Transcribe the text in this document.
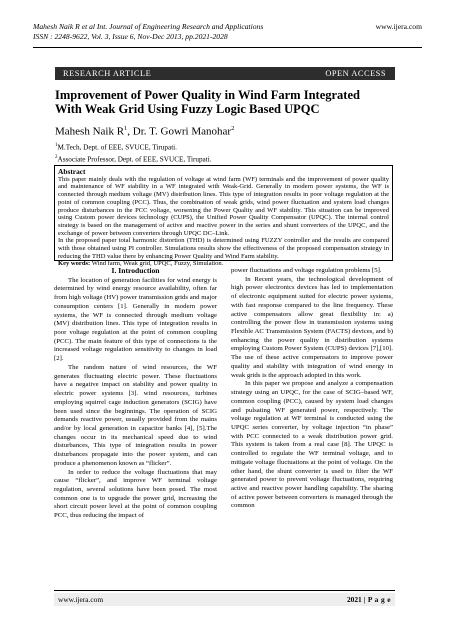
Mahesh Naik R et al Int. Journal of Engineering Research and Applications
ISSN : 2248-9622, Vol. 3, Issue 6, Nov-Dec 2013, pp.2021-2028
www.ijera.com
RESEARCH ARTICLE	OPEN ACCESS
Improvement of Power Quality in Wind Farm Integrated With Weak Grid Using Fuzzy Logic Based UPQC
Mahesh Naik $R^1$, Dr. T. Gowri Manohar$^2$
$^1$M.Tech, Dept. of EEE, SVUCE, Tirupati.
$^2$Associate Professor, Dept. of EEE, SVUCE, Tirupati.
Abstract

This paper mainly deals with the regulation of voltage at wind farm (WF) terminals and the improvement of power quality and maintenance of WF stability in a WF integrated with Weak-Grid. Generally in modern power systems, the WF is connected through medium voltage (MV) distribution lines. This type of integration results in poor voltage regulation at the point of common coupling (PCC). Thus, the combination of weak grids, wind power fluctuation and system load changes produce disturbances in the PCC voltage, worsening the Power Quality and WF stability. This situation can be improved using Custom power devices technology (CUPS), the Unified Power Quality Compensator (UPQC). The internal control strategy is based on the management of active and reactive power in the series and shunt converters of the UPQC, and the exchange of power between converters through UPQC DC–Link.

In the proposed paper total harmonic distortion (THD) is determined using FUZZY controller and the results are compared with those obtained using PI controller. Simulations results show the effectiveness of the proposed compensation strategy in reducing the THD value there by enhancing Power Quality and Wind Farm stability.

Key words: Wind farm, Weak grid, UPQC, Fuzzy, Simulation.

I. Introduction

The location of generation facilities for wind energy is determined by wind energy resource availability, often far from high voltage (HV) power transmission grids and major consumption centers [1]. Generally in modern power systems, the WF is connected through medium voltage (MV) distribution lines. This type of integration results in poor voltage regulation at the point of common coupling (PCC). The main feature of this type of connections is the increased voltage regulation sensitivity to changes in load [2].

The random nature of wind resources, the WF generates fluctuating electric power. These fluctuations have a negative impact on stability and power quality in electric power systems [3]. wind resources, turbines employing squirrel cage induction generators (SCIG) have been used since the beginnings. The operation of SCIG demands reactive power, usually provided from the mains and/or by local generation in capacitor banks [4], [5].The changes occur in its mechanical speed due to wind disturbances, This type of integration results in power disturbances propagate into the power system, and can produce a phenomenon known as “flicker”.

In order to reduce the voltage fluctuations that may cause “flicker”, and improve WF terminal voltage regulation, several solutions have been posed. The most common one is to upgrade the power grid, increasing the short circuit power level at the point of common coupling PCC, thus reducing the impact of

power fluctuations and voltage regulation problems [5].

In Recent years, the technological development of high power electronics devices has led to implementation of electronic equipment suited for electric power systems, with fast response compared to the line frequency. These active compensators allow great flexibility in: a) controlling the power flow in transmission systems using Flexible AC Transmission System (FACTS) devices, and b) enhancing the power quality in distribution systems employing Custom Power System (CUPS) devices [7],[10]. The use of these active compensators to improve power quality and stability with integration of wind energy in weak grids is the approach adopted in this work.

In this paper we propose and analyze a compensation strategy using an UPQC, for the case of SCIG–based WF, common coupling (PCC), caused by system load changes and pulsating WF generated power, respectively. The voltage regulation at WF terminal is conducted using the UPQC series converter, by voltage injection “in phase” with PCC connected to a weak distribution power grid. This system is taken from a real case [8]. The UPQC is controlled to regulate the WF terminal voltage, and to mitigate voltage fluctuations at the point of voltage. On the other hand, the shunt converter is used to filter the WF generated power to prevent voltage fluctuations, requiring active and reactive power handling capability. The sharing of active power between converters is managed through the common

www.ijera.com	2021 | P a g e
